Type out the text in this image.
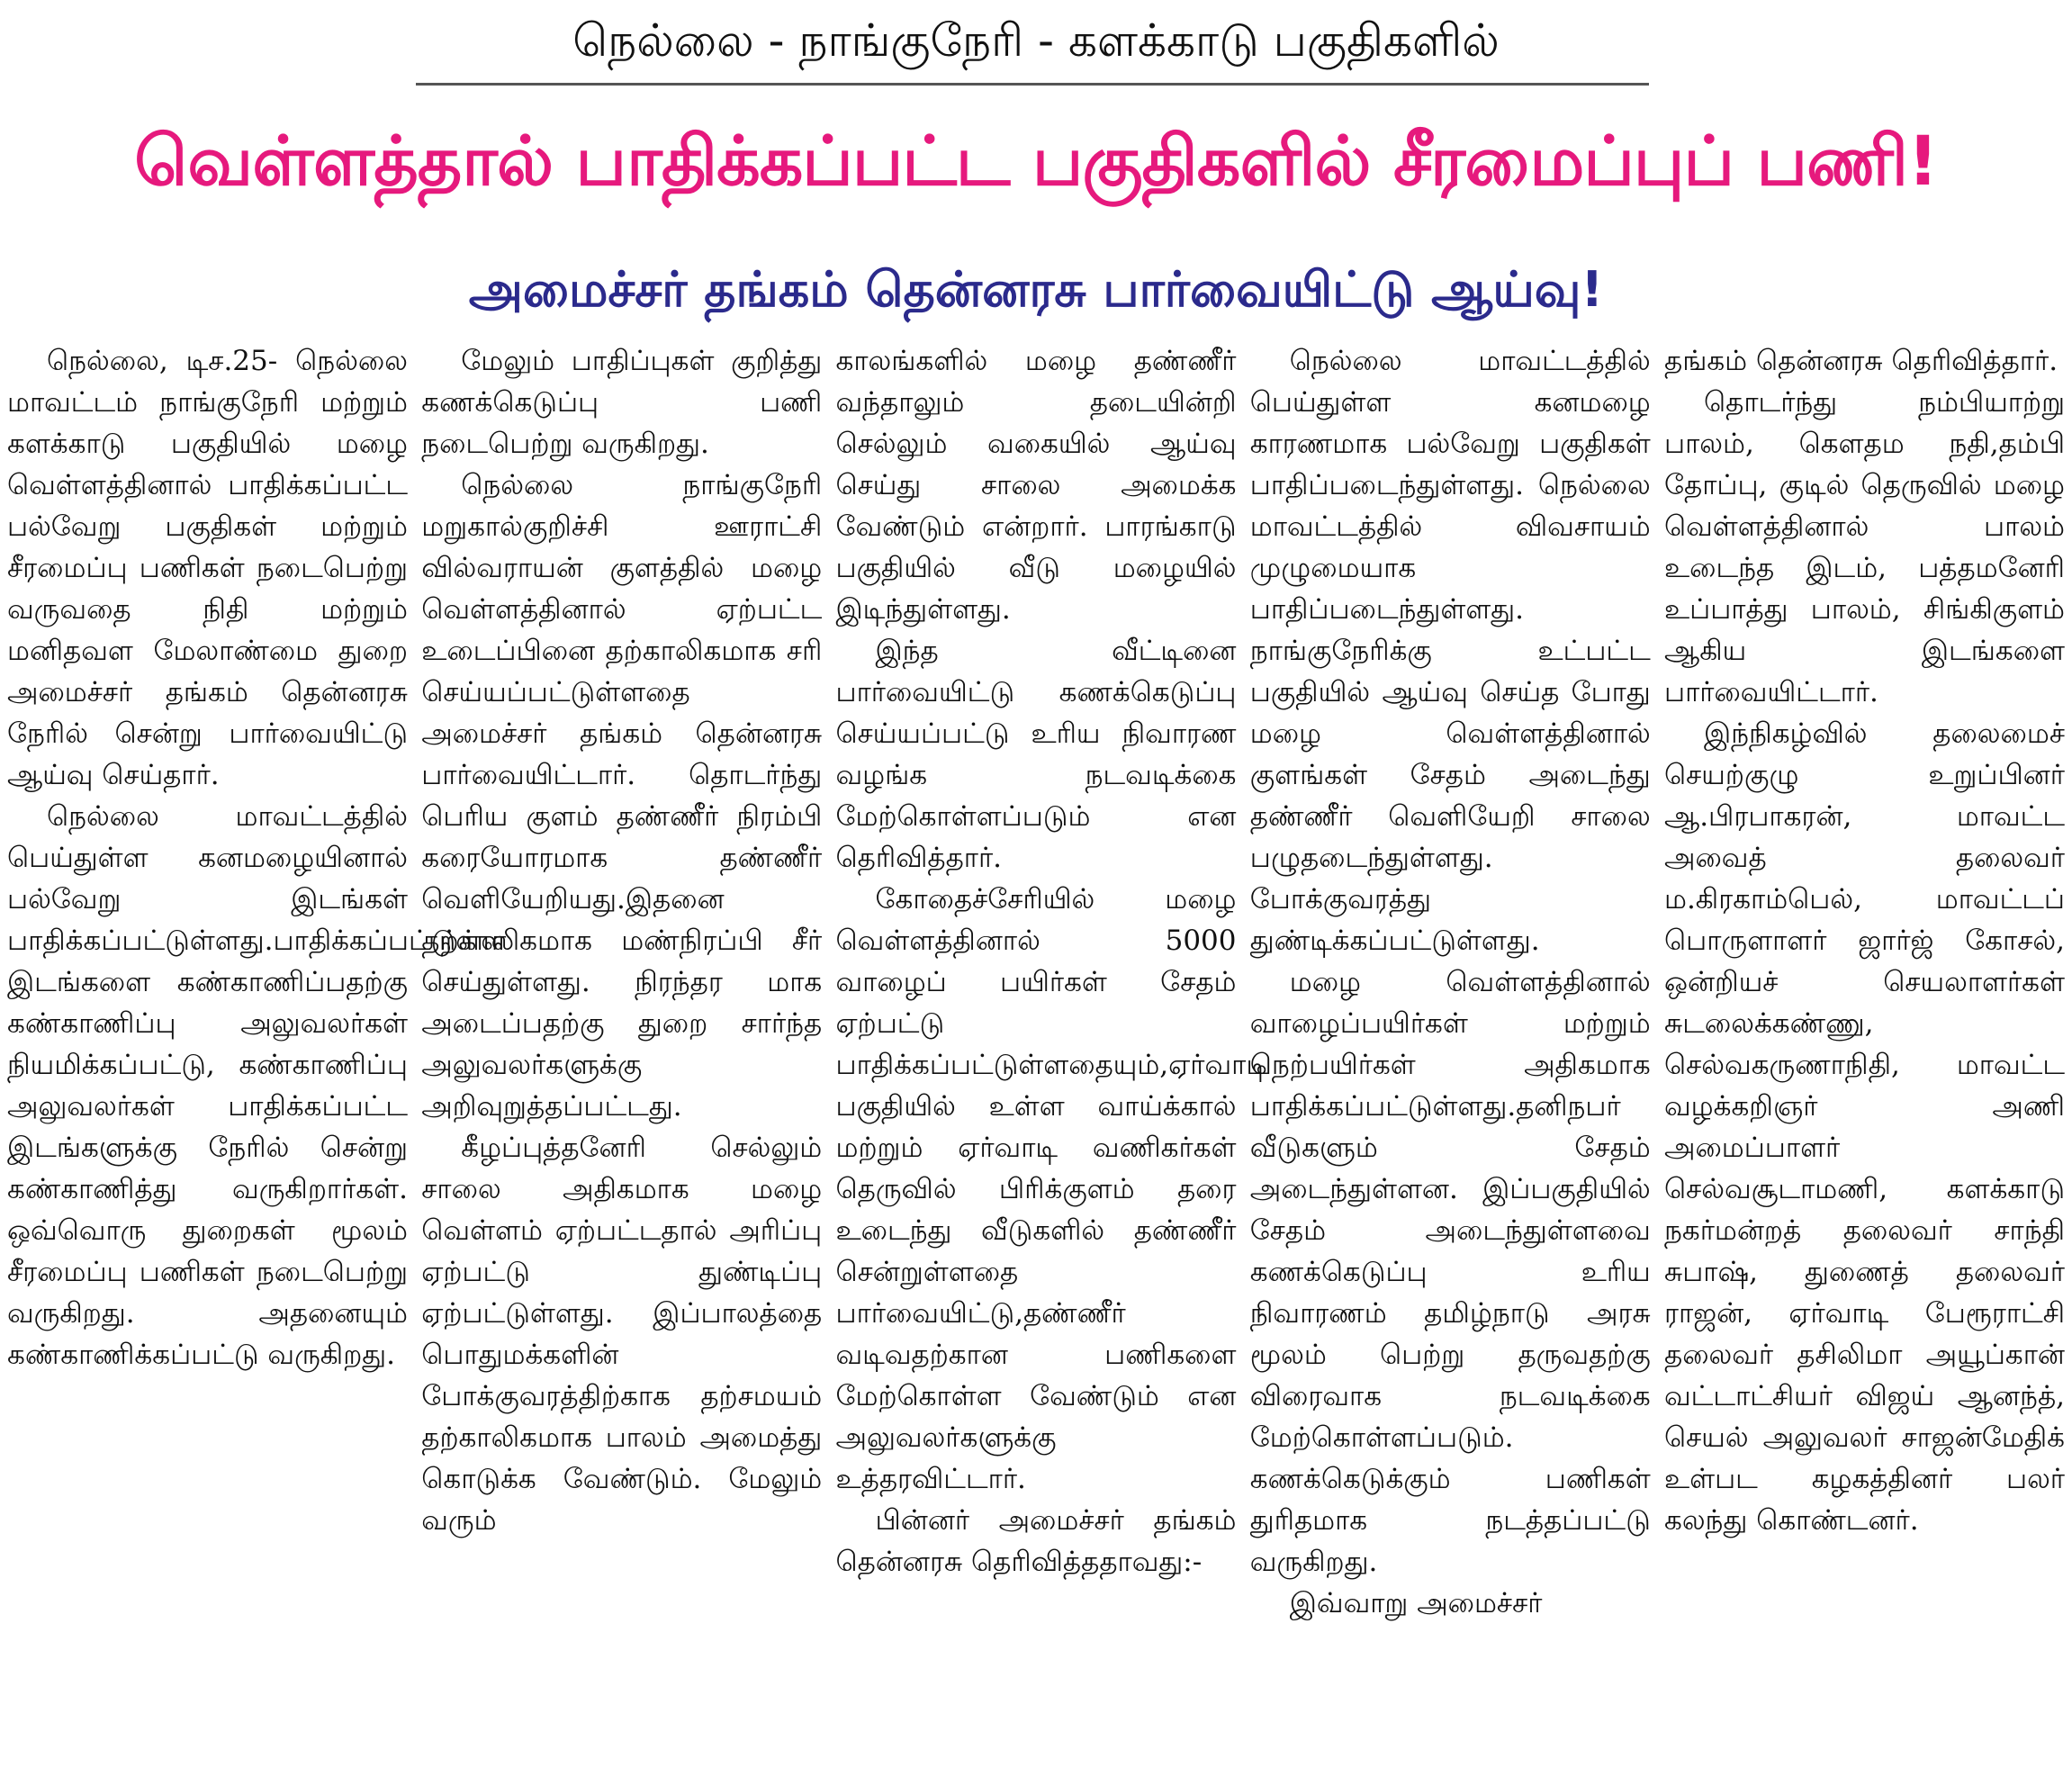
நெல்லை - நாங்குநேரி - களக்காடு பகுதிகளில்
வெள்ளத்தால் பாதிக்கப்பட்ட பகுதிகளில் சீரமைப்புப் பணி!
அமைச்சர் தங்கம் தென்னரசு பார்வையிட்டு ஆய்வு!

நெல்லை, டிச.25- நெல்லை மாவட்டம் நாங்குநேரி மற்றும் களக்காடு பகுதியில் மழை வெள்ளத்தினால் பாதிக்கப்பட்ட பல்வேறு பகுதிகள் மற்றும் சீரமைப்பு பணிகள் நடைபெற்று வருவதை நிதி மற்றும் மனிதவள மேலாண்மை துறை அமைச்சர் தங்கம் தென்னரசு நேரில் சென்று பார்வையிட்டு ஆய்வு செய்தார்.

நெல்லை மாவட்டத்தில் பெய்துள்ள கனமழையினால் பல்வேறு இடங்கள் பாதிக்கப்பட்டுள்ளது.பாதிக்கப்பட்டுள்ள இடங்களை கண்காணிப்பதற்கு கண்காணிப்பு அலுவலர்கள் நியமிக்கப்பட்டு, கண்காணிப்பு அலுவலர்கள் பாதிக்கப்பட்ட இடங்களுக்கு நேரில் சென்று கண்காணித்து வருகிறார்கள். ஒவ்வொரு துறைகள் மூலம் சீரமைப்பு பணிகள் நடைபெற்று வருகிறது. அதனையும் கண்காணிக்கப்பட்டு வருகிறது.

மேலும் பாதிப்புகள் குறித்து கணக்கெடுப்பு பணி நடைபெற்று வருகிறது.

நெல்லை நாங்குநேரி மறுகால்குறிச்சி ஊராட்சி வில்வராயன் குளத்தில் மழை வெள்ளத்தினால் ஏற்பட்ட உடைப்பினை தற்காலிகமாக சரி செய்யப்பட்டுள்ளதை அமைச்சர் தங்கம் தென்னரசு பார்வையிட்டார். தொடர்ந்து பெரிய குளம் தண்ணீர் நிரம்பி கரையோரமாக தண்ணீர் வெளியேறியது.இதனை தற்காலிகமாக மண்நிரப்பி சீர் செய்துள்ளது. நிரந்தர மாக அடைப்பதற்கு துறை சார்ந்த அலுவலர்களுக்கு அறிவுறுத்தப்பட்டது.

கீழப்புத்தனேரி செல்லும் சாலை அதிகமாக மழை வெள்ளம் ஏற்பட்டதால் அரிப்பு ஏற்பட்டு துண்டிப்பு ஏற்பட்டுள்ளது. இப்பாலத்தை பொதுமக்களின் போக்குவரத்திற்காக தற்சமயம் தற்காலிகமாக பாலம் அமைத்து கொடுக்க வேண்டும். மேலும் வரும்

காலங்களில் மழை தண்ணீர் வந்தாலும் தடையின்றி செல்லும் வகையில் ஆய்வு செய்து சாலை அமைக்க வேண்டும் என்றார். பாரங்காடு பகுதியில் வீடு மழையில் இடிந்துள்ளது.

இந்த வீட்டினை பார்வையிட்டு கணக்கெடுப்பு செய்யப்பட்டு உரிய நிவாரண வழங்க நடவடிக்கை மேற்கொள்ளப்படும் என தெரிவித்தார்.

கோதைச்சேரியில் மழை வெள்ளத்தினால் 5000 வாழைப் பயிர்கள் சேதம் ஏற்பட்டு பாதிக்கப்பட்டுள்ளதையும்,ஏர்வாடி பகுதியில் உள்ள வாய்க்கால் மற்றும் ஏர்வாடி வணிகர்கள் தெருவில் பிரிக்குளம் தரை உடைந்து வீடுகளில் தண்ணீர் சென்றுள்ளதை பார்வையிட்டு,தண்ணீர் வடிவதற்கான பணிகளை மேற்கொள்ள வேண்டும் என அலுவலர்களுக்கு உத்தரவிட்டார்.

பின்னர் அமைச்சர் தங்கம் தென்னரசு தெரிவித்ததாவது:-

நெல்லை மாவட்டத்தில் பெய்துள்ள கனமழை காரணமாக பல்வேறு பகுதிகள் பாதிப்படைந்துள்ளது. நெல்லை மாவட்டத்தில் விவசாயம் முழுமையாக பாதிப்படைந்துள்ளது. நாங்குநேரிக்கு உட்பட்ட பகுதியில் ஆய்வு செய்த போது மழை வெள்ளத்தினால் குளங்கள் சேதம் அடைந்து தண்ணீர் வெளியேறி சாலை பழுதடைந்துள்ளது. போக்குவரத்து துண்டிக்கப்பட்டுள்ளது.

மழை வெள்ளத்தினால் வாழைப்பயிர்கள் மற்றும் நெற்பயிர்கள் அதிகமாக பாதிக்கப்பட்டுள்ளது.தனிநபர் வீடுகளும் சேதம் அடைந்துள்ளன. இப்பகுதியில் சேதம் அடைந்துள்ளவை கணக்கெடுப்பு உரிய நிவாரணம் தமிழ்நாடு அரசு மூலம் பெற்று தருவதற்கு விரைவாக நடவடிக்கை மேற்கொள்ளப்படும். கணக்கெடுக்கும் பணிகள் துரிதமாக நடத்தப்பட்டு வருகிறது.

இவ்வாறு அமைச்சர்

தங்கம் தென்னரசு தெரிவித்தார்.

தொடர்ந்து நம்பியாற்று பாலம், கௌதம நதி,தம்பி தோப்பு, குடில் தெருவில் மழை வெள்ளத்தினால் பாலம் உடைந்த இடம், பத்தமனேரி உப்பாத்து பாலம், சிங்கிகுளம் ஆகிய இடங்களை பார்வையிட்டார்.

இந்நிகழ்வில் தலைமைச் செயற்குழு உறுப்பினர் ஆ.பிரபாகரன், மாவட்ட அவைத் தலைவர் ம.கிரகாம்பெல், மாவட்டப் பொருளாளர் ஜார்ஜ் கோசல், ஒன்றியச் செயலாளர்கள் சுடலைக்கண்ணு, செல்வகருணாநிதி, மாவட்ட வழக்கறிஞர் அணி அமைப்பாளர் செல்வசூடாமணி, களக்காடு நகர்மன்றத் தலைவர் சாந்தி சுபாஷ், துணைத் தலைவர் ராஜன், ஏர்வாடி பேரூராட்சி தலைவர் தசிலிமா அயூப்கான் வட்டாட்சியர் விஜய் ஆனந்த், செயல் அலுவலர் சாஜன்மேதிக் உள்பட கழகத்தினர் பலர் கலந்து கொண்டனர்.
